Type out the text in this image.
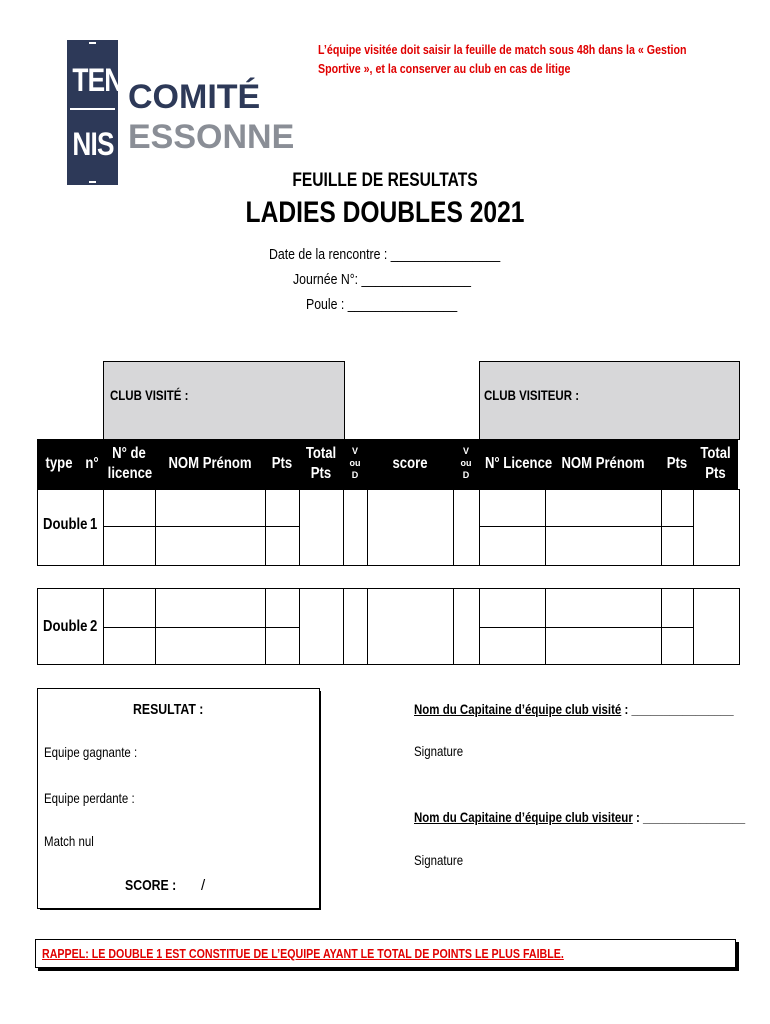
TEN
NIS
COMITÉ
ESSONNE
L’équipe visitée doit saisir la feuille de match sous 48h dans la « Gestion Sportive », et la conserver au club en cas de litige
FEUILLE DE RESULTATS
LADIES DOUBLES 2021
Date de la rencontre : ________________
Journée N°: ________________
Poule : ________________
CLUB VISITÉ :	CLUB VISITEUR :
type n°
N° de
licence
NOM Prénom Pts
Total
Pts
V
ou
D
score
V
ou
D
N° Licence NOM Prénom	Pts
Total
Pts
Double 1
Double 2
RESULTAT :
Equipe gagnante :
Equipe perdante :
Match nul
SCORE : /
Nom du Capitaine d’équipe club visité : ________________
Signature
Nom du Capitaine d’équipe club visiteur : ________________
Signature
RAPPEL: LE DOUBLE 1 EST CONSTITUE DE L’EQUIPE AYANT LE TOTAL DE POINTS LE PLUS FAIBLE.
